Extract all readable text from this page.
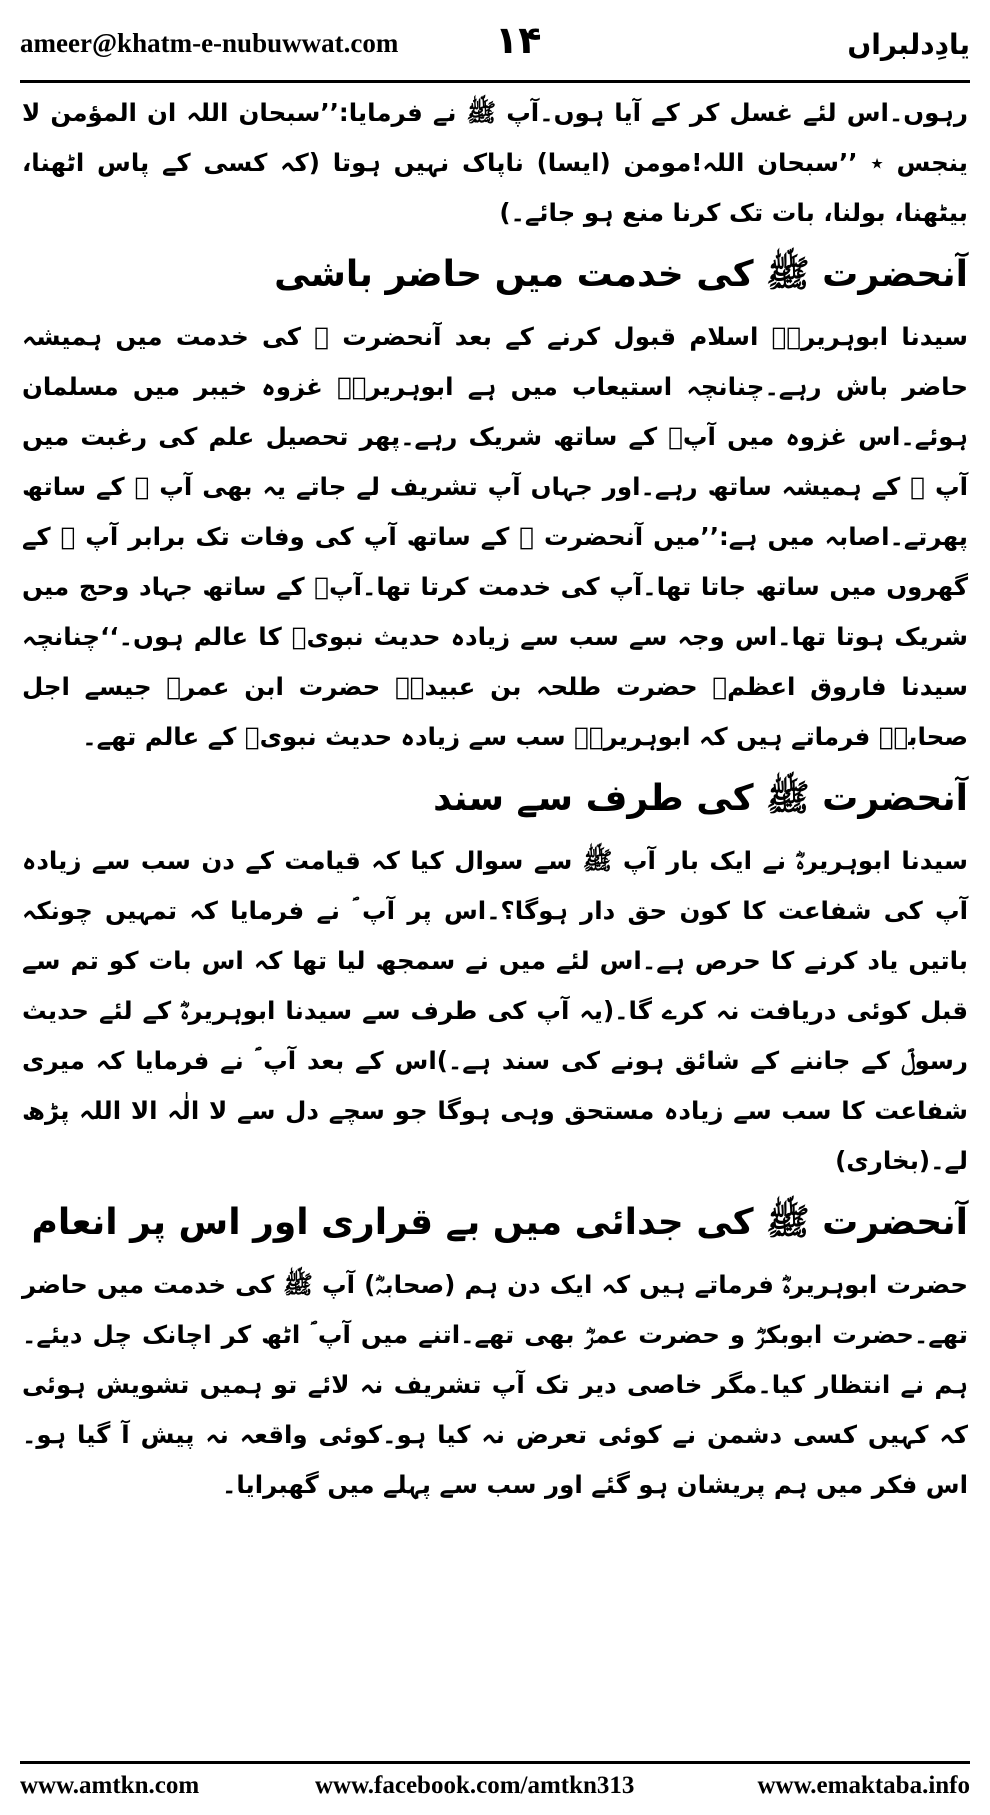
ameer@khatm-e-nubuwwat.com	۱۴	یادِدلبراں

رہوں۔اس لئے غسل کر کے آیا ہوں۔آپ ﷺ نے فرمایا:’’سبحان اللہ ان المؤمن لا ینجس ٭ ’’سبحان اللہ!مومن (ایسا) ناپاک نہیں ہوتا (کہ کسی کے پاس اٹھنا، بیٹھنا، بولنا، بات تک کرنا منع ہو جائے۔)

آنحضرت ﷺ کی خدمت میں حاضر باشی

سیدنا ابوہریرہؓ اسلام قبول کرنے کے بعد آنحضرت ﷺ کی خدمت میں ہمیشہ حاضر باش رہے۔چنانچہ استیعاب میں ہے ابوہریرہؓ غزوہ خیبر میں مسلمان ہوئے۔اس غزوہ میں آپؓ کے ساتھ شریک رہے۔پھر تحصیل علم کی رغبت میں آپ ﷺ کے ہمیشہ ساتھ رہے۔اور جہاں آپ تشریف لے جاتے یہ بھی آپ ؐ کے ساتھ پھرتے۔اصابہ میں ہے:’’میں آنحضرت ﷺ کے ساتھ آپ کی وفات تک برابر آپ ؐ کے گھروں میں ساتھ جاتا تھا۔آپ کی خدمت کرتا تھا۔آپؐ کے ساتھ جہاد وحج میں شریک ہوتا تھا۔اس وجہ سے سب سے زیادہ حدیث نبویؐ کا عالم ہوں۔‘‘چنانچہ سیدنا فاروق اعظمؓ حضرت طلحہ بن عبیدہؓ حضرت ابن عمرؓ جیسے اجل صحابہؓ فرماتے ہیں کہ ابوہریرہؓ سب سے زیادہ حدیث نبویؐ کے عالم تھے۔

آنحضرت ﷺ کی طرف سے سند

سیدنا ابوہریرہؓ نے ایک بار آپ ﷺ سے سوال کیا کہ قیامت کے دن سب سے زیادہ آپ کی شفاعت کا کون حق دار ہوگا؟۔اس پر آپ ؐ نے فرمایا کہ تمہیں چونکہ باتیں یاد کرنے کا حرص ہے۔اس لئے میں نے سمجھ لیا تھا کہ اس بات کو تم سے قبل کوئی دریافت نہ کرے گا۔(یہ آپ کی طرف سے سیدنا ابوہریرہؓ کے لئے حدیث رسولؐ کے جاننے کے شائق ہونے کی سند ہے۔)اس کے بعد آپ ؐ نے فرمایا کہ میری شفاعت کا سب سے زیادہ مستحق وہی ہوگا جو سچے دل سے لا الٰہ الا اللہ پڑھ لے۔(بخاری)

آنحضرت ﷺ کی جدائی میں بے قراری اور اس پر انعام

حضرت ابوہریرہؓ فرماتے ہیں کہ ایک دن ہم (صحابہؓ) آپ ﷺ کی خدمت میں حاضر تھے۔حضرت ابوبکرؓ و حضرت عمرؓ بھی تھے۔اتنے میں آپ ؐ اٹھ کر اچانک چل دیئے۔ہم نے انتظار کیا۔مگر خاصی دیر تک آپ تشریف نہ لائے تو ہمیں تشویش ہوئی کہ کہیں کسی دشمن نے کوئی تعرض نہ کیا ہو۔کوئی واقعہ نہ پیش آ گیا ہو۔اس فکر میں ہم پریشان ہو گئے اور سب سے پہلے میں گھبرایا۔

www.amtkn.com	www.facebook.com/amtkn313	www.emaktaba.info
